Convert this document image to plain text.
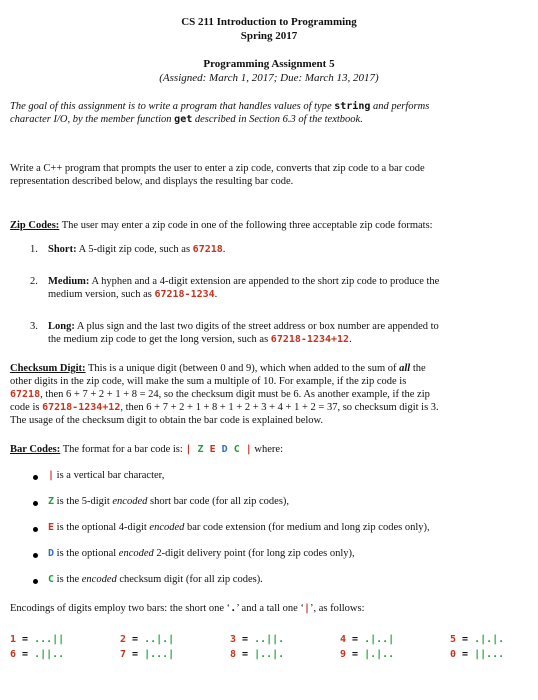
CS 211 Introduction to Programming
Spring 2017
Programming Assignment 5
(Assigned: March 1, 2017; Due: March 13, 2017)
The goal of this assignment is to write a program that handles values of type string and performs
character I/O, by the member function get described in Section 6.3 of the textbook.
Write a C++ program that prompts the user to enter a zip code, converts that zip code to a bar code
representation described below, and displays the resulting bar code.
Zip Codes: The user may enter a zip code in one of the following three acceptable zip code formats:
1. Short: A 5-digit zip code, such as 67218.
2. Medium: A hyphen and a 4-digit extension are appended to the short zip code to produce the
medium version, such as 67218-1234.
3. Long: A plus sign and the last two digits of the street address or box number are appended to
the medium zip code to get the long version, such as 67218-1234+12.
Checksum Digit: This is a unique digit (between 0 and 9), which when added to the sum of all the
other digits in the zip code, will make the sum a multiple of 10. For example, if the zip code is
67218, then 6 + 7 + 2 + 1 + 8 = 24, so the checksum digit must be 6. As another example, if the zip
code is 67218-1234+12, then 6 + 7 + 2 + 1 + 8 + 1 + 2 + 3 + 4 + 1 + 2 = 37, so checksum digit is 3.
The usage of the checksum digit to obtain the bar code is explained below.
Bar Codes: The format for a bar code is: | Z E D C | where:
| is a vertical bar character,
Z is the 5-digit encoded short bar code (for all zip codes),
E is the optional 4-digit encoded bar code extension (for medium and long zip codes only),
D is the optional encoded 2-digit delivery point (for long zip codes only),
C is the encoded checksum digit (for all zip codes).
Encodings of digits employ two bars: the short one ‘.’ and a tall one ‘|’, as follows:
1 = ...||	2 = ..|.|	3 = ..||.	4 = .|..|	5 = .|.|.
6 = .||..	7 = |...|	8 = |..|.	9 = |.|..	0 = ||...
